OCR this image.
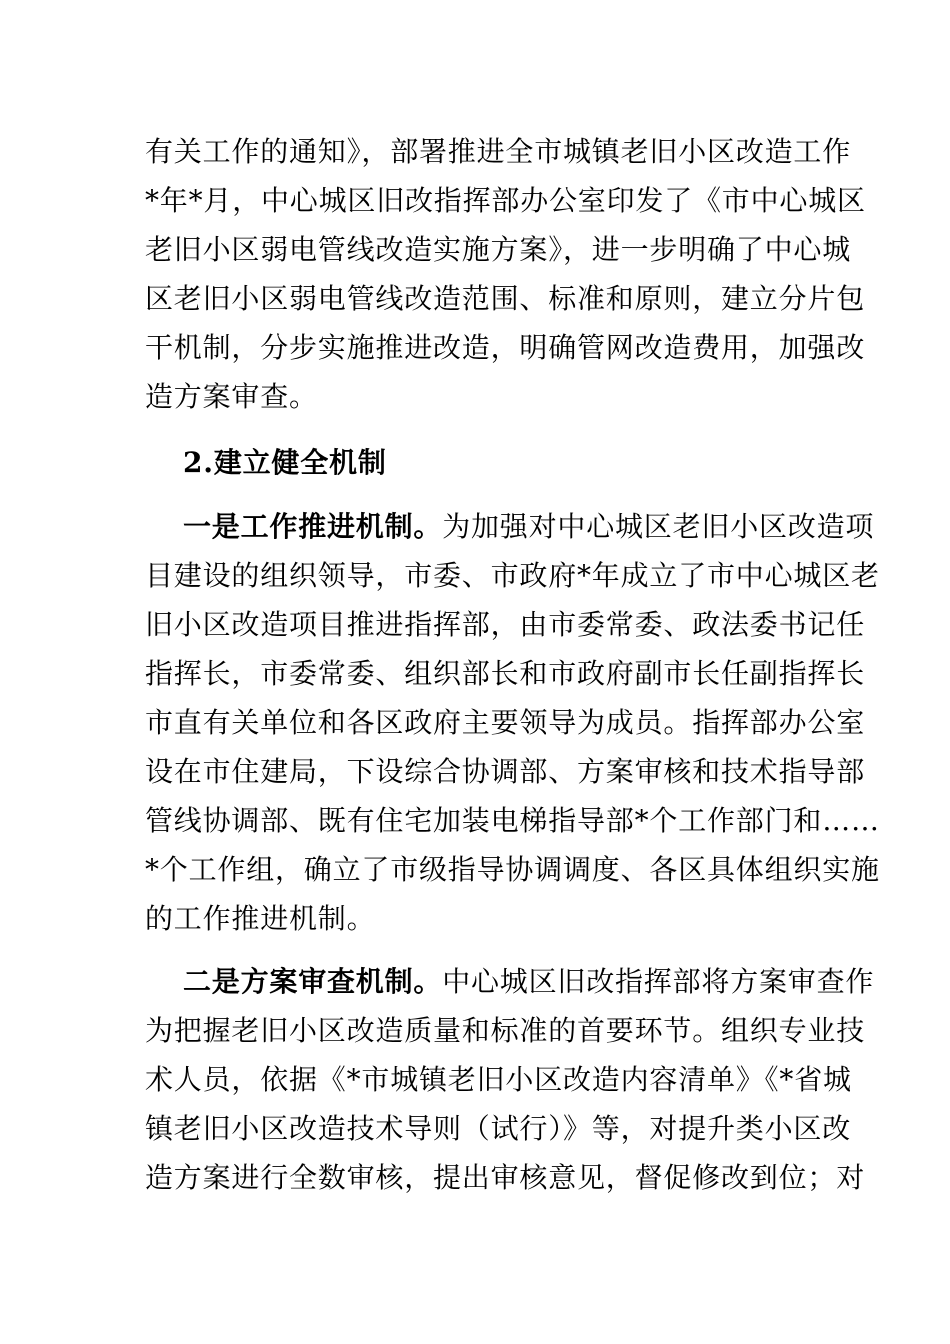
有关工作的通知》，部署推进全市城镇老旧小区改造工作
*年*月，中心城区旧改指挥部办公室印发了《市中心城区
老旧小区弱电管线改造实施方案》，进一步明确了中心城
区老旧小区弱电管线改造范围、标准和原则，建立分片包
干机制，分步实施推进改造，明确管网改造费用，加强改
造方案审查。
2.建立健全机制
一是工作推进机制。为加强对中心城区老旧小区改造项
目建设的组织领导，市委、市政府*年成立了市中心城区老
旧小区改造项目推进指挥部，由市委常委、政法委书记任
指挥长，市委常委、组织部长和市政府副市长任副指挥长
市直有关单位和各区政府主要领导为成员。指挥部办公室
设在市住建局，下设综合协调部、方案审核和技术指导部
管线协调部、既有住宅加装电梯指导部*个工作部门和……
*个工作组，确立了市级指导协调调度、各区具体组织实施
的工作推进机制。
二是方案审查机制。中心城区旧改指挥部将方案审查作
为把握老旧小区改造质量和标准的首要环节。组织专业技
术人员，依据《*市城镇老旧小区改造内容清单》《*省城
镇老旧小区改造技术导则（试行）》等，对提升类小区改
造方案进行全数审核，提出审核意见，督促修改到位；对
